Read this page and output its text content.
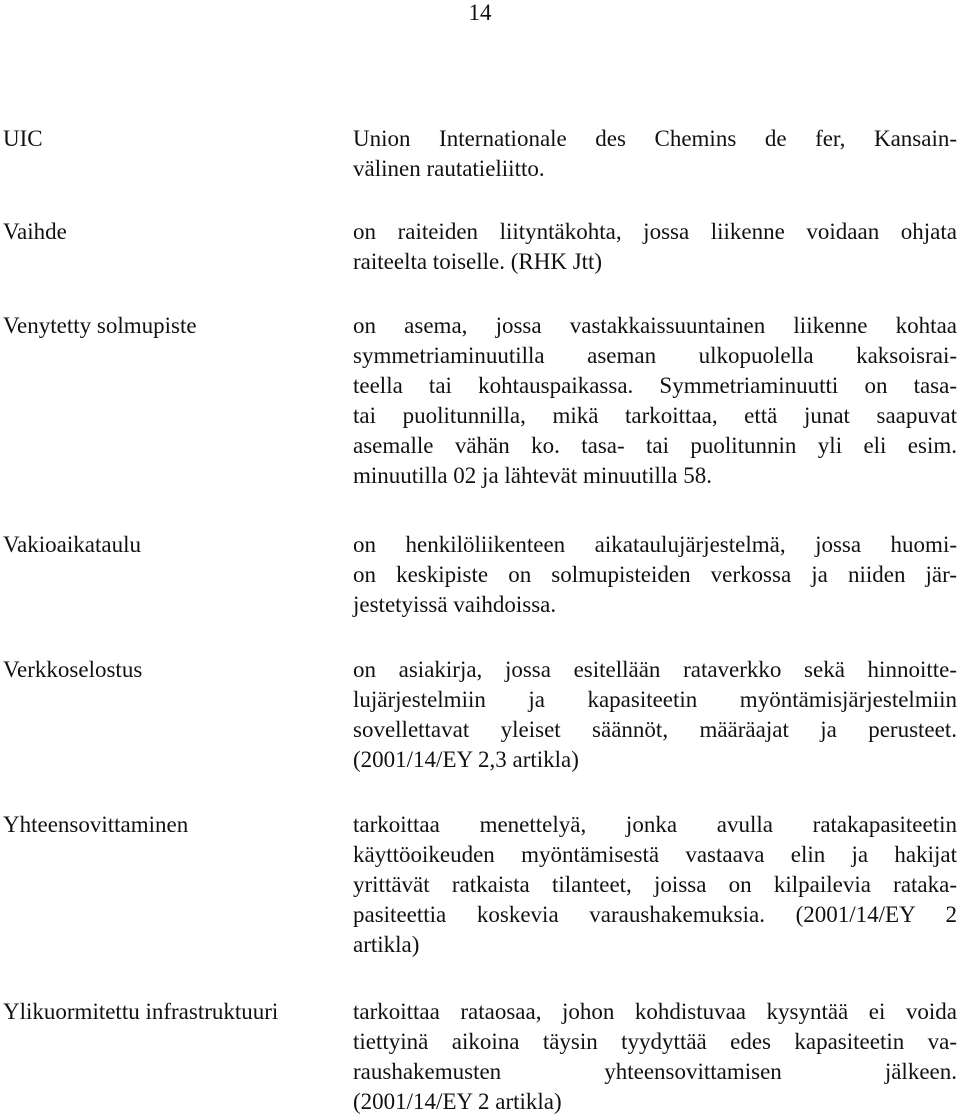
14
UIC	Union Internationale des Chemins de fer, Kansain-
välinen rautatieliitto.
Vaihde	on raiteiden liityntäkohta, jossa liikenne voidaan ohjata
raiteelta toiselle. (RHK Jtt)
Venytetty solmupiste	on asema, jossa vastakkaissuuntainen liikenne kohtaa
symmetriaminuutilla aseman ulkopuolella kaksoisrai-
teella tai kohtauspaikassa. Symmetriaminuutti on tasa-
tai puolitunnilla, mikä tarkoittaa, että junat saapuvat
asemalle vähän ko. tasa- tai puolitunnin yli eli esim.
minuutilla 02 ja lähtevät minuutilla 58.
Vakioaikataulu	on henkilöliikenteen aikataulujärjestelmä, jossa huomi-
on keskipiste on solmupisteiden verkossa ja niiden jär-
jestetyissä vaihdoissa.
Verkkoselostus	on asiakirja, jossa esitellään rataverkko sekä hinnoitte-
lujärjestelmiin ja kapasiteetin myöntämisjärjestelmiin
sovellettavat yleiset säännöt, määräajat ja perusteet.
(2001/14/EY 2,3 artikla)
Yhteensovittaminen	tarkoittaa menettelyä, jonka avulla ratakapasiteetin
käyttöoikeuden myöntämisestä vastaava elin ja hakijat
yrittävät ratkaista tilanteet, joissa on kilpailevia rataka-
pasiteettia koskevia varaushakemuksia. (2001/14/EY 2
artikla)
Ylikuormitettu infrastruktuuri	tarkoittaa rataosaa, johon kohdistuvaa kysyntää ei voida
tiettyinä aikoina täysin tyydyttää edes kapasiteetin va-
raushakemusten yhteensovittamisen jälkeen.
(2001/14/EY 2 artikla)
